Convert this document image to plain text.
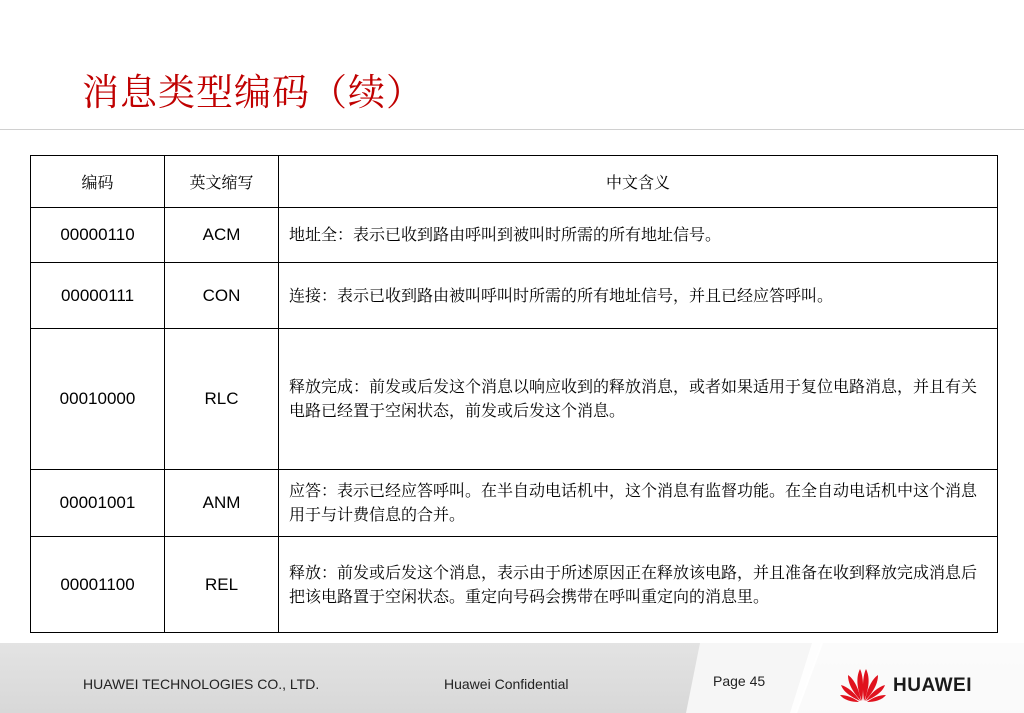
消息类型编码（续）
编码	英文缩写	中文含义
00000110	ACM	地址全：表示已收到路由呼叫到被叫时所需的所有地址信号。
00000111	CON	连接：表示已收到路由被叫呼叫时所需的所有地址信号，并且已经应答呼叫。
00010000	RLC	释放完成：前发或后发这个消息以响应收到的释放消息，或者如果适用于复位电路消息，并且有关电路已经置于空闲状态，前发或后发这个消息。
00001001	ANM	应答：表示已经应答呼叫。在半自动电话机中，这个消息有监督功能。在全自动电话机中这个消息用于与计费信息的合并。
00001100	REL	释放：前发或后发这个消息，表示由于所述原因正在释放该电路，并且准备在收到释放完成消息后把该电路置于空闲状态。重定向号码会携带在呼叫重定向的消息里。
HUAWEI TECHNOLOGIES CO., LTD.	Huawei Confidential	Page 45	HUAWEI
